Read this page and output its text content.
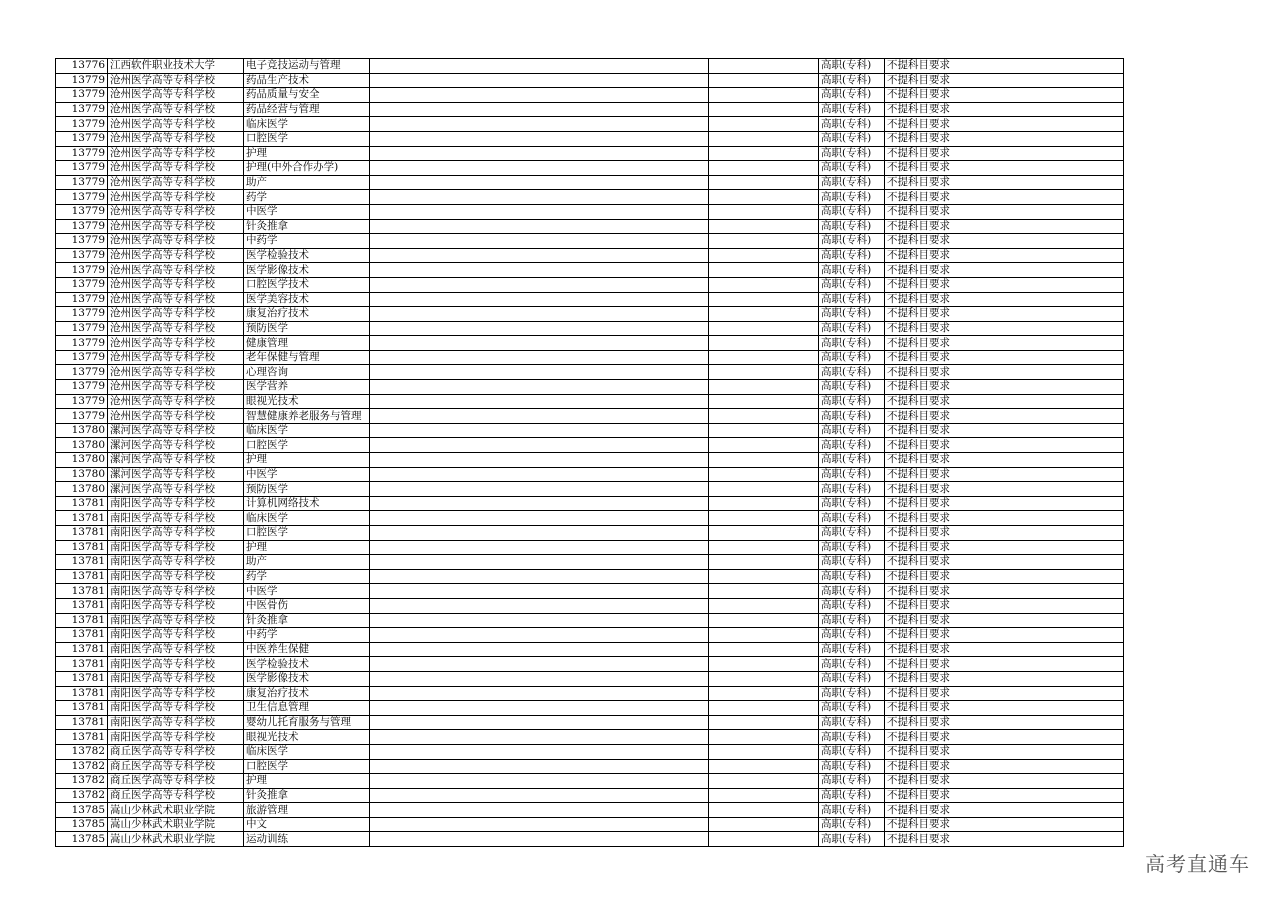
13776	江西软件职业技术大学	电子竞技运动与管理			高职(专科)	不提科目要求
13779	沧州医学高等专科学校	药品生产技术			高职(专科)	不提科目要求
13779	沧州医学高等专科学校	药品质量与安全			高职(专科)	不提科目要求
13779	沧州医学高等专科学校	药品经营与管理			高职(专科)	不提科目要求
13779	沧州医学高等专科学校	临床医学			高职(专科)	不提科目要求
13779	沧州医学高等专科学校	口腔医学			高职(专科)	不提科目要求
13779	沧州医学高等专科学校	护理			高职(专科)	不提科目要求
13779	沧州医学高等专科学校	护理(中外合作办学)			高职(专科)	不提科目要求
13779	沧州医学高等专科学校	助产			高职(专科)	不提科目要求
13779	沧州医学高等专科学校	药学			高职(专科)	不提科目要求
13779	沧州医学高等专科学校	中医学			高职(专科)	不提科目要求
13779	沧州医学高等专科学校	针灸推拿			高职(专科)	不提科目要求
13779	沧州医学高等专科学校	中药学			高职(专科)	不提科目要求
13779	沧州医学高等专科学校	医学检验技术			高职(专科)	不提科目要求
13779	沧州医学高等专科学校	医学影像技术			高职(专科)	不提科目要求
13779	沧州医学高等专科学校	口腔医学技术			高职(专科)	不提科目要求
13779	沧州医学高等专科学校	医学美容技术			高职(专科)	不提科目要求
13779	沧州医学高等专科学校	康复治疗技术			高职(专科)	不提科目要求
13779	沧州医学高等专科学校	预防医学			高职(专科)	不提科目要求
13779	沧州医学高等专科学校	健康管理			高职(专科)	不提科目要求
13779	沧州医学高等专科学校	老年保健与管理			高职(专科)	不提科目要求
13779	沧州医学高等专科学校	心理咨询			高职(专科)	不提科目要求
13779	沧州医学高等专科学校	医学营养			高职(专科)	不提科目要求
13779	沧州医学高等专科学校	眼视光技术			高职(专科)	不提科目要求
13779	沧州医学高等专科学校	智慧健康养老服务与管理			高职(专科)	不提科目要求
13780	漯河医学高等专科学校	临床医学			高职(专科)	不提科目要求
13780	漯河医学高等专科学校	口腔医学			高职(专科)	不提科目要求
13780	漯河医学高等专科学校	护理			高职(专科)	不提科目要求
13780	漯河医学高等专科学校	中医学			高职(专科)	不提科目要求
13780	漯河医学高等专科学校	预防医学			高职(专科)	不提科目要求
13781	南阳医学高等专科学校	计算机网络技术			高职(专科)	不提科目要求
13781	南阳医学高等专科学校	临床医学			高职(专科)	不提科目要求
13781	南阳医学高等专科学校	口腔医学			高职(专科)	不提科目要求
13781	南阳医学高等专科学校	护理			高职(专科)	不提科目要求
13781	南阳医学高等专科学校	助产			高职(专科)	不提科目要求
13781	南阳医学高等专科学校	药学			高职(专科)	不提科目要求
13781	南阳医学高等专科学校	中医学			高职(专科)	不提科目要求
13781	南阳医学高等专科学校	中医骨伤			高职(专科)	不提科目要求
13781	南阳医学高等专科学校	针灸推拿			高职(专科)	不提科目要求
13781	南阳医学高等专科学校	中药学			高职(专科)	不提科目要求
13781	南阳医学高等专科学校	中医养生保健			高职(专科)	不提科目要求
13781	南阳医学高等专科学校	医学检验技术			高职(专科)	不提科目要求
13781	南阳医学高等专科学校	医学影像技术			高职(专科)	不提科目要求
13781	南阳医学高等专科学校	康复治疗技术			高职(专科)	不提科目要求
13781	南阳医学高等专科学校	卫生信息管理			高职(专科)	不提科目要求
13781	南阳医学高等专科学校	婴幼儿托育服务与管理			高职(专科)	不提科目要求
13781	南阳医学高等专科学校	眼视光技术			高职(专科)	不提科目要求
13782	商丘医学高等专科学校	临床医学			高职(专科)	不提科目要求
13782	商丘医学高等专科学校	口腔医学			高职(专科)	不提科目要求
13782	商丘医学高等专科学校	护理			高职(专科)	不提科目要求
13782	商丘医学高等专科学校	针灸推拿			高职(专科)	不提科目要求
13785	嵩山少林武术职业学院	旅游管理			高职(专科)	不提科目要求
13785	嵩山少林武术职业学院	中文			高职(专科)	不提科目要求
13785	嵩山少林武术职业学院	运动训练			高职(专科)	不提科目要求
高考直通车
